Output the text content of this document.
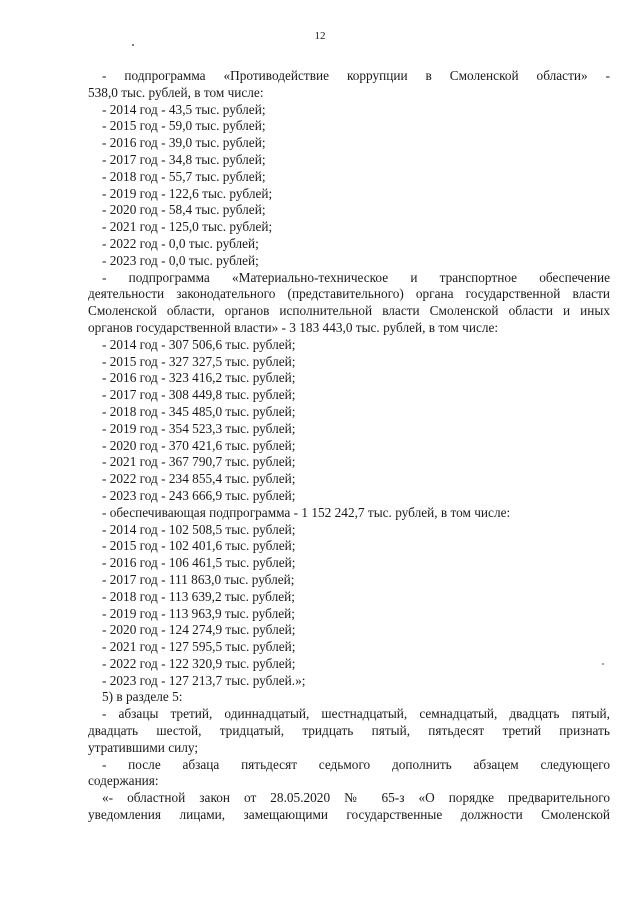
12

- подпрограмма «Противодействие коррупции в Смоленской области» -

538,0 тыс. рублей, в том числе:

- 2014 год - 43,5 тыс. рублей;

- 2015 год - 59,0 тыс. рублей;

- 2016 год - 39,0 тыс. рублей;

- 2017 год - 34,8 тыс. рублей;

- 2018 год - 55,7 тыс. рублей;

- 2019 год - 122,6 тыс. рублей;

- 2020 год - 58,4 тыс. рублей;

- 2021 год - 125,0 тыс. рублей;

- 2022 год - 0,0 тыс. рублей;

- 2023 год - 0,0 тыс. рублей;

- подпрограмма «Материально-техническое и транспортное обеспечение

деятельности законодательного (представительного) органа государственной власти

Смоленской области, органов исполнительной власти Смоленской области и иных

органов государственной власти» - 3 183 443,0 тыс. рублей, в том числе:

- 2014 год - 307 506,6 тыс. рублей;

- 2015 год - 327 327,5 тыс. рублей;

- 2016 год - 323 416,2 тыс. рублей;

- 2017 год - 308 449,8 тыс. рублей;

- 2018 год - 345 485,0 тыс. рублей;

- 2019 год - 354 523,3 тыс. рублей;

- 2020 год - 370 421,6 тыс. рублей;

- 2021 год - 367 790,7 тыс. рублей;

- 2022 год - 234 855,4 тыс. рублей;

- 2023 год - 243 666,9 тыс. рублей;

- обеспечивающая подпрограмма - 1 152 242,7 тыс. рублей, в том числе:

- 2014 год - 102 508,5 тыс. рублей;

- 2015 год - 102 401,6 тыс. рублей;

- 2016 год - 106 461,5 тыс. рублей;

- 2017 год - 111 863,0 тыс. рублей;

- 2018 год - 113 639,2 тыс. рублей;

- 2019 год - 113 963,9 тыс. рублей;

- 2020 год - 124 274,9 тыс. рублей;

- 2021 год - 127 595,5 тыс. рублей;

- 2022 год - 122 320,9 тыс. рублей;

- 2023 год - 127 213,7 тыс. рублей.»;

5) в разделе 5:

- абзацы третий, одиннадцатый, шестнадцатый, семнадцатый, двадцать пятый,

двадцать шестой, тридцатый, тридцать пятый, пятьдесят третий признать

утратившими силу;

- после абзаца пятьдесят седьмого дополнить абзацем следующего

содержания:

«- областной закон от 28.05.2020 № 65-з «О порядке предварительного

уведомления лицами, замещающими государственные должности Смоленской
